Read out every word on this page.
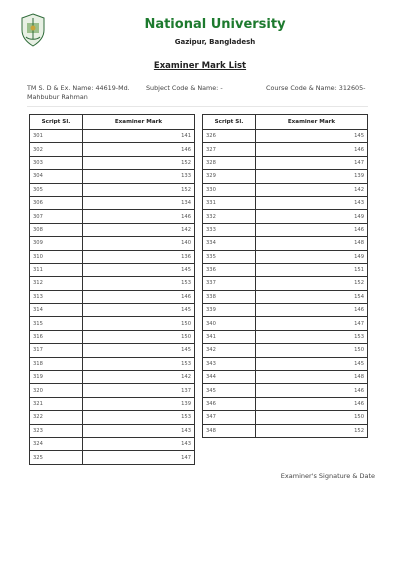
National University
Gazipur, Bangladesh
Examiner Mark List
TM S. D & Ex. Name: 44619-Md. Mahbubur Rahman
Subject Code & Name: -	Course Code & Name: 312605-
Script Sl.	Examiner Mark
301	141
302	146
303	152
304	133
305	152
306	134
307	146
308	142
309	140
310	136
311	145
312	153
313	146
314	145
315	150
316	150
317	145
318	153
319	142
320	137
321	139
322	153
323	143
324	143
325	147
Script Sl.	Examiner Mark
326	145
327	146
328	147
329	139
330	142
331	143
332	149
333	146
334	148
335	149
336	151
337	152
338	154
339	146
340	147
341	153
342	150
343	145
344	148
345	146
346	146
347	150
348	152
Examiner's Signature & Date
